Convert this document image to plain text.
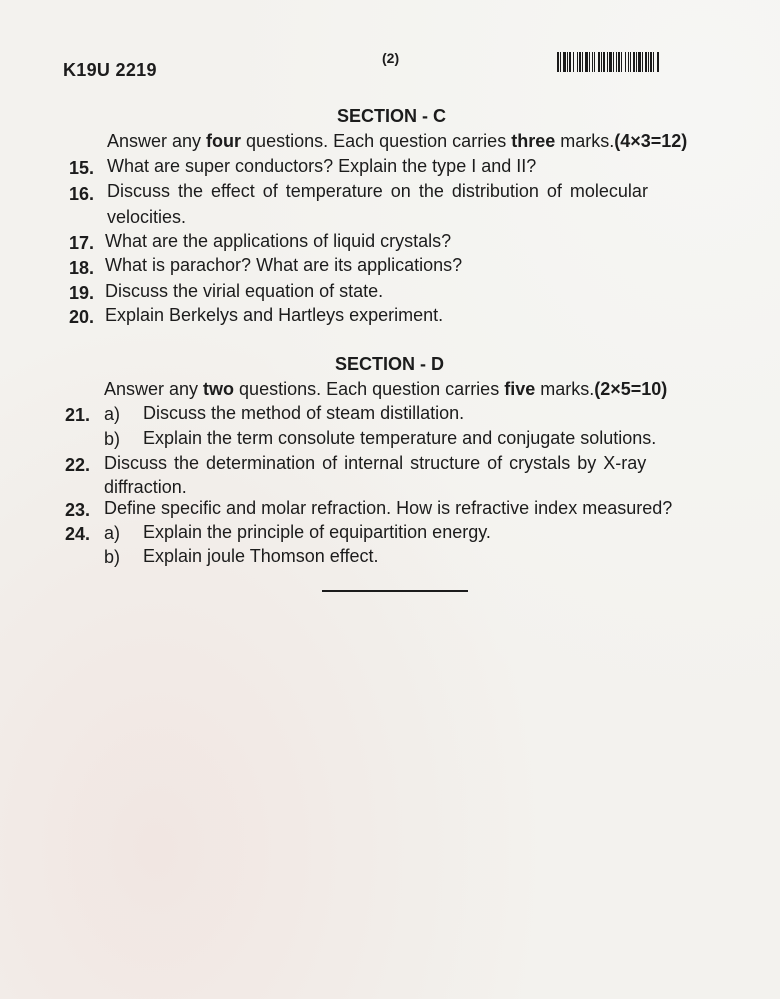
K19U 2219
(2)
SECTION - C
Answer any four questions. Each question carries three marks.(4×3=12)
15. What are super conductors? Explain the type I and II?
16. Discuss the effect of temperature on the distribution of molecular
velocities.
17. What are the applications of liquid crystals?
18. What is parachor? What are its applications?
19. Discuss the virial equation of state.
20. Explain Berkelys and Hartleys experiment.
SECTION - D
Answer any two questions. Each question carries five marks.(2×5=10)
21. a) Discuss the method of steam distillation.
b) Explain the term consolute temperature and conjugate solutions.
22. Discuss the determination of internal structure of crystals by X-ray
diffraction.
23. Define specific and molar refraction. How is refractive index measured?
24. a) Explain the principle of equipartition energy.
b) Explain joule Thomson effect.
